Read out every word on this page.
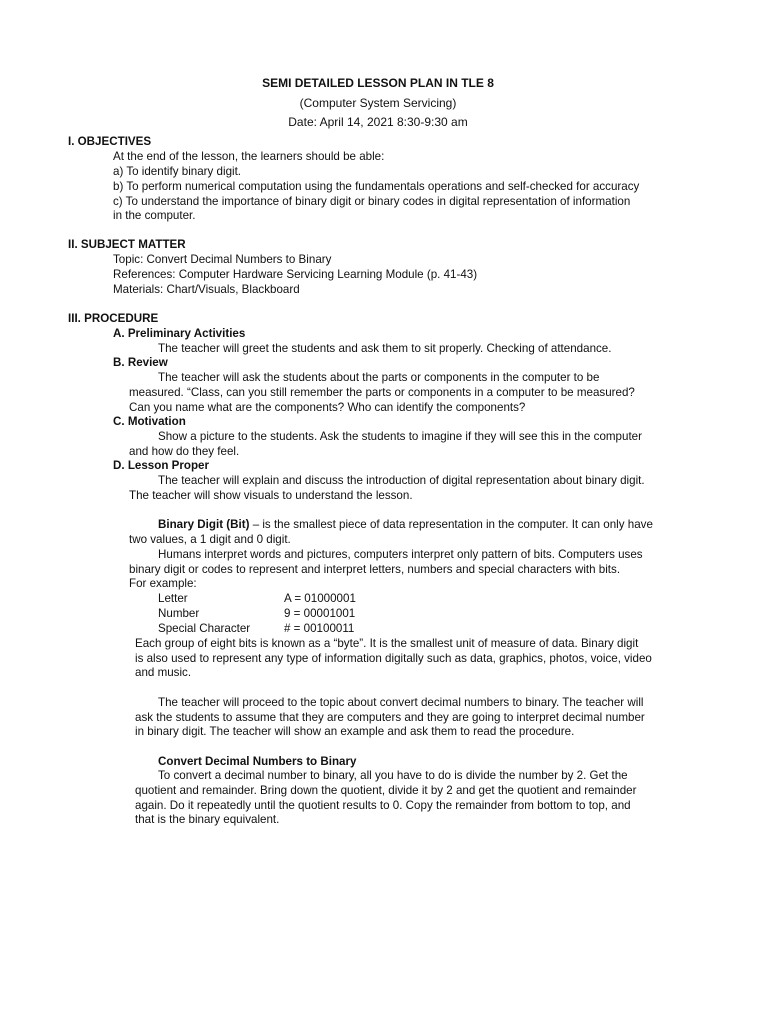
SEMI DETAILED LESSON PLAN IN TLE 8
(Computer System Servicing)
Date: April 14, 2021 8:30-9:30 am
I. OBJECTIVES
At the end of the lesson, the learners should be able:
a) To identify binary digit.
b) To perform numerical computation using the fundamentals operations and self-checked for accuracy
c) To understand the importance of binary digit or binary codes in digital representation of information
in the computer.
II. SUBJECT MATTER
Topic: Convert Decimal Numbers to Binary
References: Computer Hardware Servicing Learning Module (p. 41-43)
Materials: Chart/Visuals, Blackboard
III. PROCEDURE
A. Preliminary Activities
The teacher will greet the students and ask them to sit properly. Checking of attendance.
B. Review
The teacher will ask the students about the parts or components in the computer to be
measured. “Class, can you still remember the parts or components in a computer to be measured?
Can you name what are the components? Who can identify the components?
C. Motivation
Show a picture to the students. Ask the students to imagine if they will see this in the computer
and how do they feel.
D. Lesson Proper
The teacher will explain and discuss the introduction of digital representation about binary digit.
The teacher will show visuals to understand the lesson.
Binary Digit (Bit) – is the smallest piece of data representation in the computer. It can only have
two values, a 1 digit and 0 digit.
Humans interpret words and pictures, computers interpret only pattern of bits. Computers uses
binary digit or codes to represent and interpret letters, numbers and special characters with bits.
For example:
Letter	A = 01000001
Number	9 = 00001001
Special Character	# = 00100011
Each group of eight bits is known as a “byte”. It is the smallest unit of measure of data. Binary digit
is also used to represent any type of information digitally such as data, graphics, photos, voice, video
and music.
The teacher will proceed to the topic about convert decimal numbers to binary. The teacher will
ask the students to assume that they are computers and they are going to interpret decimal number
in binary digit. The teacher will show an example and ask them to read the procedure.
Convert Decimal Numbers to Binary
To convert a decimal number to binary, all you have to do is divide the number by 2. Get the
quotient and remainder. Bring down the quotient, divide it by 2 and get the quotient and remainder
again. Do it repeatedly until the quotient results to 0. Copy the remainder from bottom to top, and
that is the binary equivalent.
